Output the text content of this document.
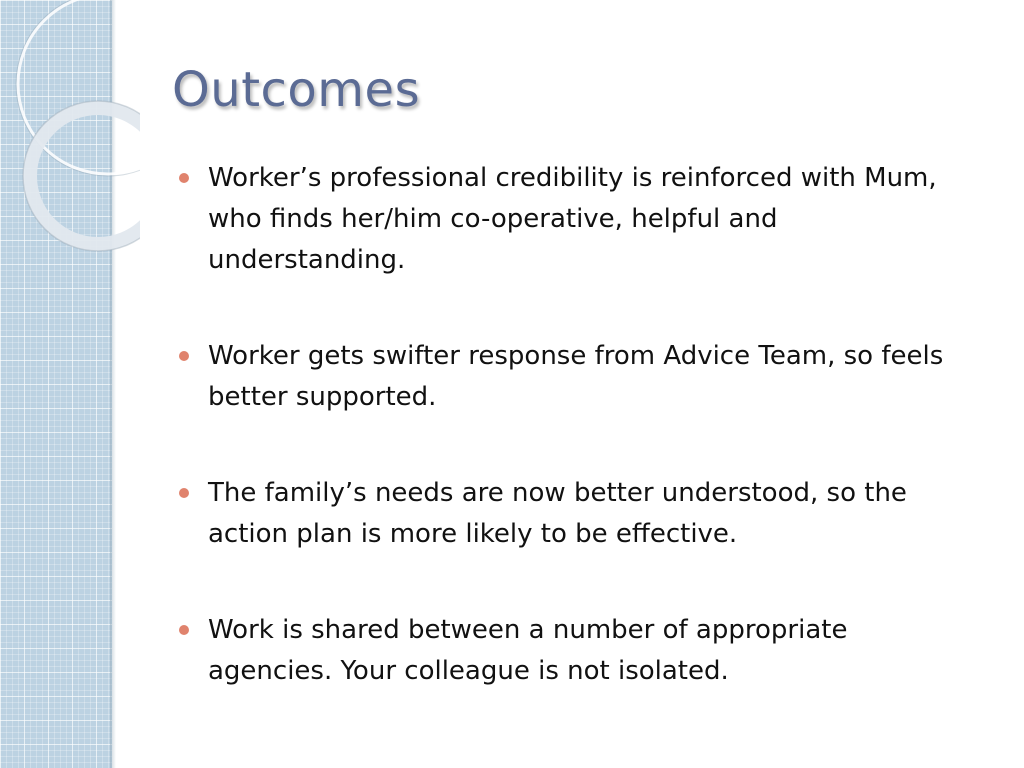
Outcomes
Worker’s professional credibility is reinforced with Mum, who finds her/him co-operative, helpful and understanding.
Worker gets swifter response from Advice Team, so feels better supported.
The family’s needs are now better understood, so the action plan is more likely to be effective.
Work is shared between a number of appropriate agencies. Your colleague is not isolated.
